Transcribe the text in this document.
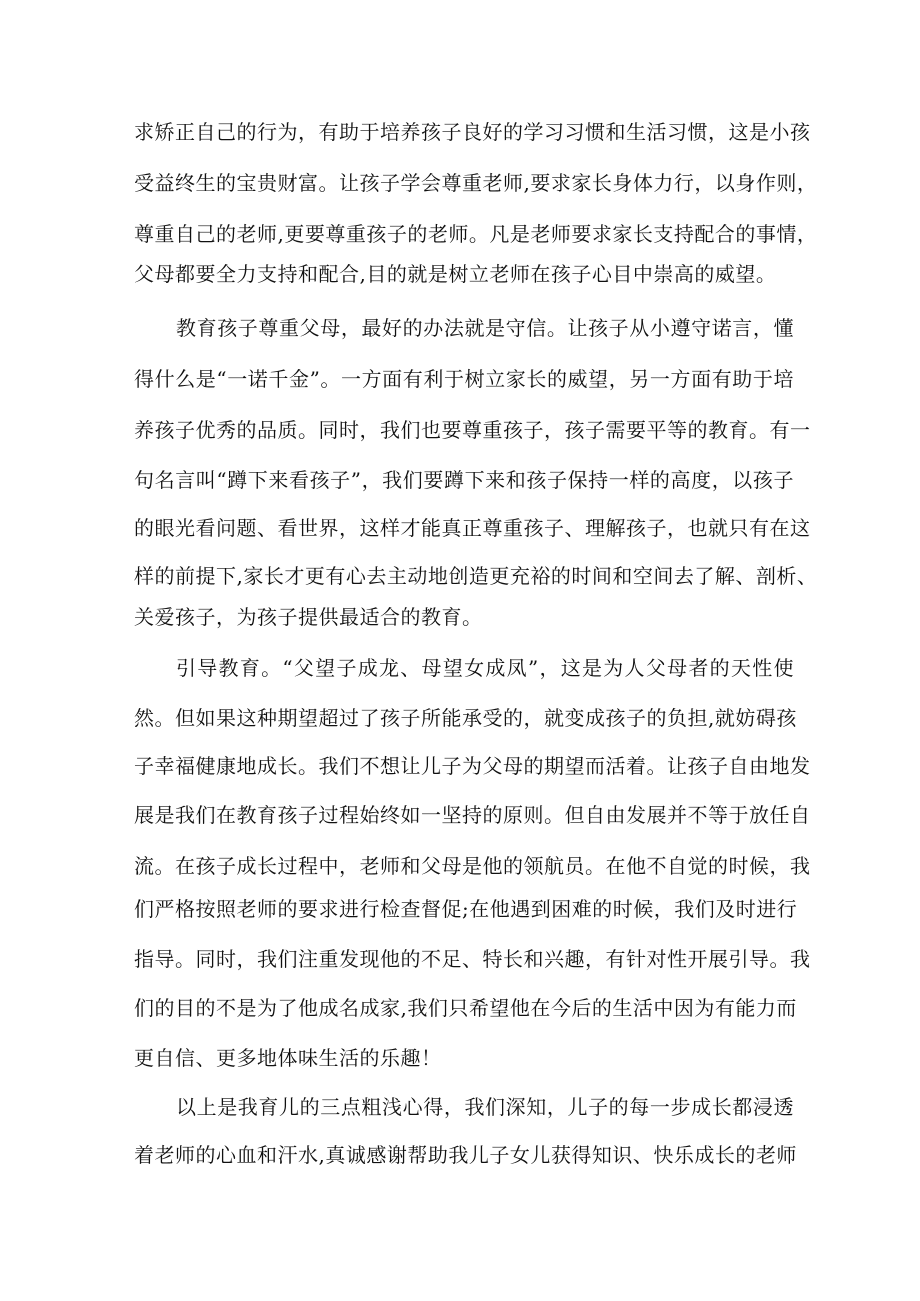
求矫正自己的行为，有助于培养孩子良好的学习习惯和生活习惯，这是小孩
受益终生的宝贵财富。让孩子学会尊重老师,要求家长身体力行，以身作则，
尊重自己的老师,更要尊重孩子的老师。凡是老师要求家长支持配合的事情，
父母都要全力支持和配合,目的就是树立老师在孩子心目中崇高的威望。
教育孩子尊重父母，最好的办法就是守信。让孩子从小遵守诺言，懂
得什么是“一诺千金”。一方面有利于树立家长的威望，另一方面有助于培
养孩子优秀的品质。同时，我们也要尊重孩子，孩子需要平等的教育。有一
句名言叫“蹲下来看孩子”，我们要蹲下来和孩子保持一样的高度，以孩子
的眼光看问题、看世界，这样才能真正尊重孩子、理解孩子，也就只有在这
样的前提下,家长才更有心去主动地创造更充裕的时间和空间去了解、剖析、
关爱孩子，为孩子提供最适合的教育。
引导教育。“父望子成龙、母望女成凤”，这是为人父母者的天性使
然。但如果这种期望超过了孩子所能承受的，就变成孩子的负担,就妨碍孩
子幸福健康地成长。我们不想让儿子为父母的期望而活着。让孩子自由地发
展是我们在教育孩子过程始终如一坚持的原则。但自由发展并不等于放任自
流。在孩子成长过程中，老师和父母是他的领航员。在他不自觉的时候，我
们严格按照老师的要求进行检查督促;在他遇到困难的时候，我们及时进行
指导。同时，我们注重发现他的不足、特长和兴趣，有针对性开展引导。我
们的目的不是为了他成名成家,我们只希望他在今后的生活中因为有能力而
更自信、更多地体味生活的乐趣！
以上是我育儿的三点粗浅心得，我们深知，儿子的每一步成长都浸透
着老师的心血和汗水,真诚感谢帮助我儿子女儿获得知识、快乐成长的老师
